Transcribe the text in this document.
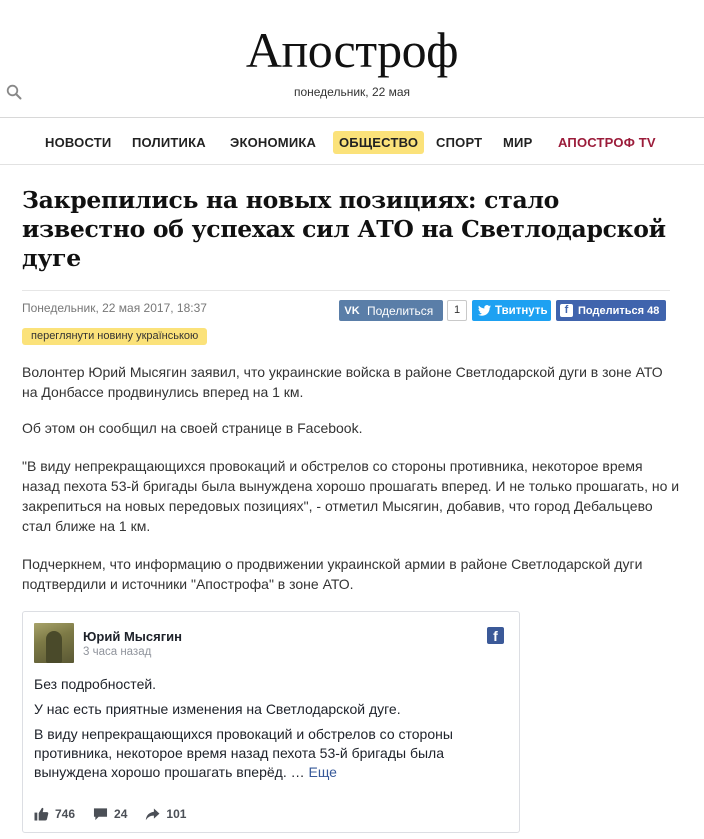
Апостроф
понедельник, 22 мая
НОВОСТИ	ПОЛИТИКА	ЭКОНОМИКА	ОБЩЕСТВО	СПОРТ	МИР	АПОСТРОФ TV
Закрепились на новых позициях: стало известно об успехах сил АТО на Светлодарской дуге
Понедельник, 22 мая 2017, 18:37	VK Поделиться	1	Твитнуть	f Поделиться 48
переглянути новину українською

Волонтер Юрий Мысягин заявил, что украинские войска в районе Светлодарской дуги в зоне АТО на Донбассе продвинулись вперед на 1 км.

Об этом он сообщил на своей странице в Facebook.

"В виду непрекращающихся провокаций и обстрелов со стороны противника, некоторое время назад пехота 53-й бригады была вынуждена хорошо прошагать вперед. И не только прошагать, но и закрепиться на новых передовых позициях", - отметил Мысягин, добавив, что город Дебальцево стал ближе на 1 км.

Подчеркнем, что информацию о продвижении украинской армии в районе Светлодарской дуги подтвердили и источники "Апострофа" в зоне АТО.

Юрий Мысягин
3 часа назад
f
Без подробностей.
У нас есть приятные изменения на Светлодарской дуге.
В виду непрекращающихся провокаций и обстрелов со стороны противника, некоторое время назад пехота 53-й бригады была вынуждена хорошо прошагать вперёд. … Еще
746	24	101
